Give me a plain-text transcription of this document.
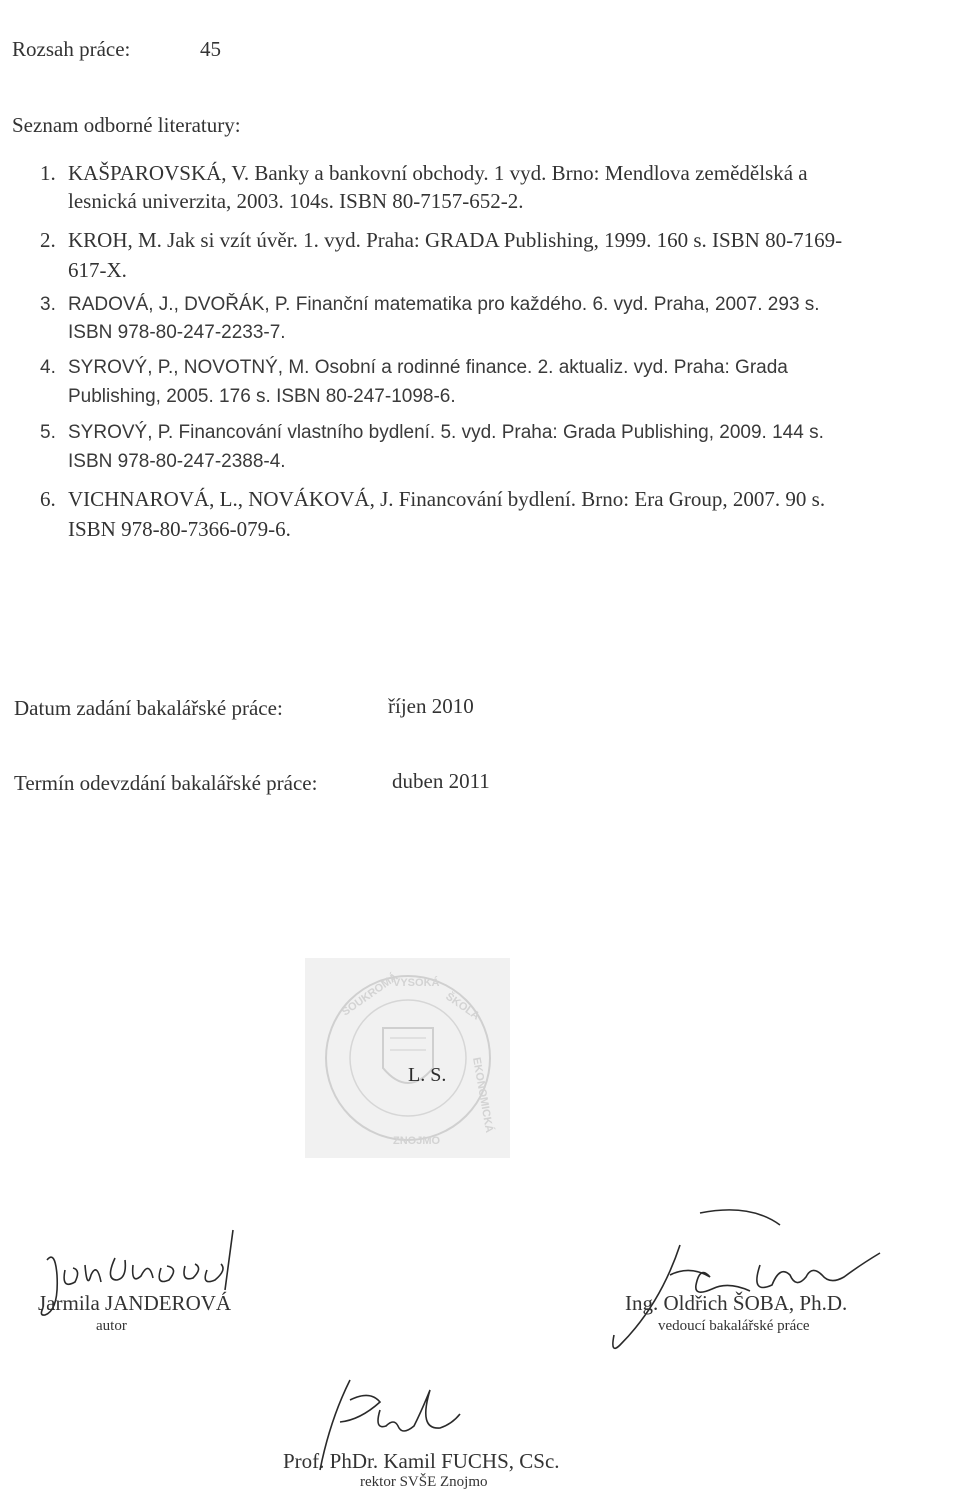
Rozsah práce:	45
Seznam odborné literatury:
1. KAŠPAROVSKÁ, V. Banky a bankovní obchody. 1 vyd. Brno: Mendlova zemědělská a
lesnická univerzita, 2003. 104s. ISBN 80-7157-652-2.
2. KROH, M. Jak si vzít úvěr. 1. vyd. Praha: GRADA Publishing, 1999. 160 s. ISBN 80-7169-
617-X.
3. RADOVÁ, J., DVOŘÁK, P. Finanční matematika pro každého. 6. vyd. Praha, 2007. 293 s.
ISBN 978-80-247-2233-7.
4. SYROVÝ, P., NOVOTNÝ, M. Osobní a rodinné finance. 2. aktualiz. vyd. Praha: Grada
Publishing, 2005. 176 s. ISBN 80-247-1098-6.
5. SYROVÝ, P. Financování vlastního bydlení. 5. vyd. Praha: Grada Publishing, 2009. 144 s.
ISBN 978-80-247-2388-4.
6. VICHNAROVÁ, L., NOVÁKOVÁ, J. Financování bydlení. Brno: Era Group, 2007. 90 s.
ISBN 978-80-7366-079-6.
Datum zadání bakalářské práce:	říjen 2010
Termín odevzdání bakalářské práce:	duben 2011
SOUKROMÁ
VYSOKÁ
ŠKOLA
EKONOMICKÁ
ZNOJMO
L. S.
Jarmila JANDEROVÁ
autor
Ing. Oldřich ŠOBA, Ph.D.
vedoucí bakalářské práce
Prof. PhDr. Kamil FUCHS, CSc.
rektor SVŠE Znojmo
